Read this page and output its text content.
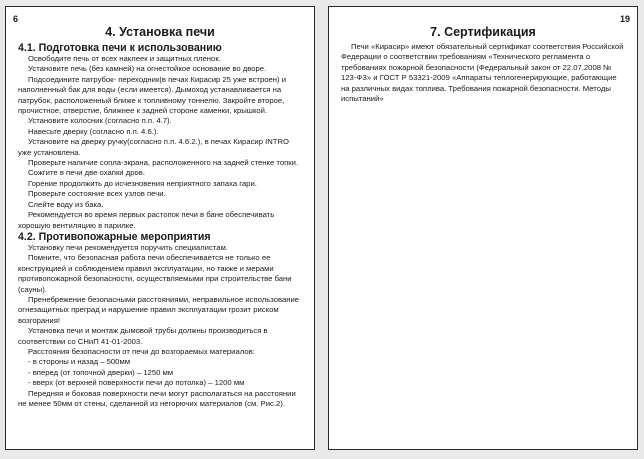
6
4. Установка печи
4.1. Подготовка печи к использованию

Освободите печь от всех наклеек и защитных пленок.

Установите печь (без камней) на огнестойкое основание во дворе.

Подсоедините патрубок- переходник(в печах Кирасир 25 уже встроен) и наполненный бак для воды (если имеется). Дымоход устанавливается на патрубок, расположенный ближе к топливному тоннелю. Закройте второе, прочистное, отверстие, ближнее к задней стороне каменки, крышкой.

Установите колосник (согласно п.п. 4.7).

Навесьте дверку (согласно п.п. 4.6.).

Установите на дверку ручку(согласно п.п. 4.6.2.), в печах Кирасир INTRO уже установлена.

Проверьте наличие сопла-экрана, расположенного на задней стенке топки.

Сожгите в печи две охапки дров.

Горение продолжить до исчезновения неприятного запаха гари.

Проверьте состояние всех узлов печи.

Слейте воду из бака.

Рекомендуется во время первых растопок печи в бане обеспечивать хорошую вентиляцию в парилке.

4.2. Противопожарные мероприятия

Установку печи рекомендуется поручить специалистам.

Помните, что безопасная работа печи обеспечивается не только ее конструкцией и соблюдением правил эксплуатации, но также и мерами противопожарной безопасности, осуществляемыми при строительстве бани (сауны).

Пренебрежение безопасными расстояниями, неправильное использование огнезащитных преград и нарушение правил эксплуатации грозит риском возгорания!

Установка печи и монтаж дымовой трубы должны производиться в соответствии со СНиП 41-01-2003.

Расстояния безопасности от печи до возгораемых материалов:

- в стороны и назад – 500мм

- вперед (от топочной дверки) – 1250 мм

- вверх (от верхней поверхности печи до потолка) – 1200 мм

Передняя и боковая поверхности печи могут располагаться на расстоянии не менее 50мм от стены, сделанной из негорючих материалов (см. Рис.2).

19
7. Сертификация

Печи «Кирасир» имеют обязательный сертификат соответствия Российской Федерации о соответствии требованиям «Технического регламента о требованиях пожарной безопасности (Федеральный закон от 22.07.2008 № 123-ФЗ» и ГОСТ Р 53321-2009 «Аппараты теплогенерирующие, работающие на различных видах топлива. Требования пожарной безопасности. Методы испытаний»
